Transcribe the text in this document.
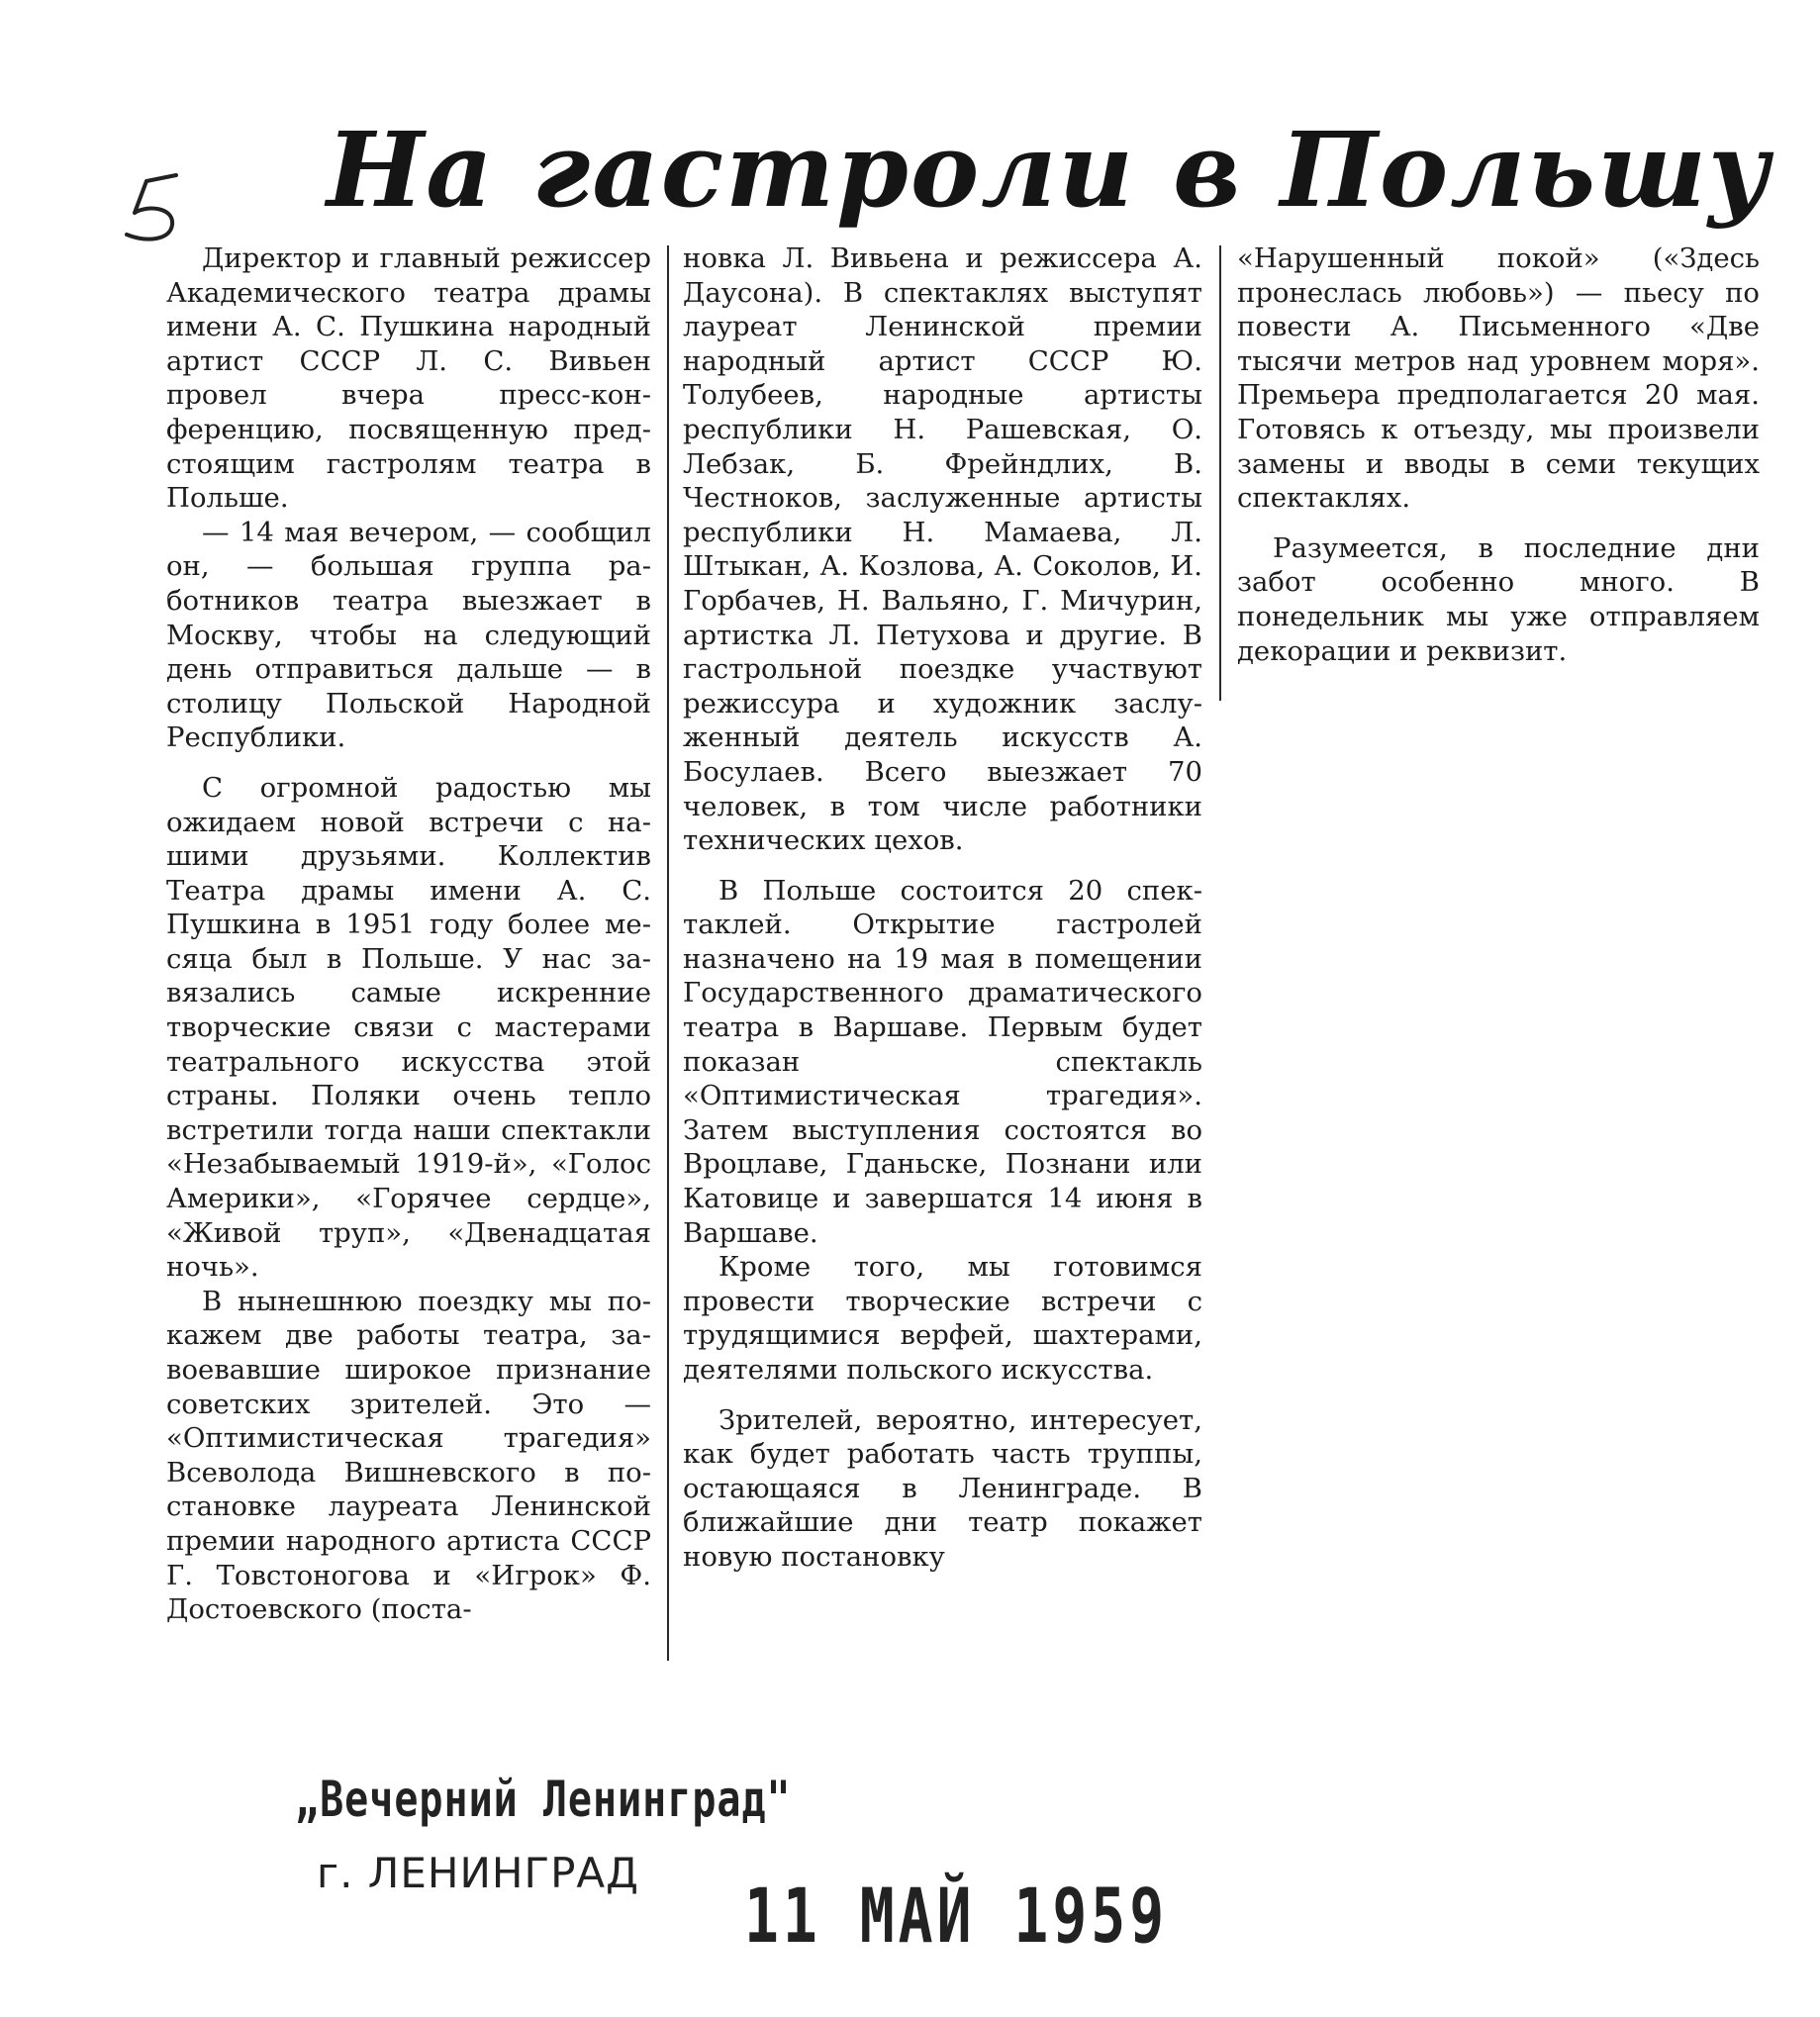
На гастроли в Польшу

Директор и главный режиссер Академического театра драмы имени А. С. Пушкина народный артист СССР Л. С. Вивьен провел вчера пресс-конференцию, посвященную предстоящим гастролям театра в Польше.

— 14 мая вечером, — сообщил он, — большая группа работников театра выезжает в Москву, чтобы на следующий день отправиться дальше — в столицу Польской Народной Республики.

С огромной радостью мы ожидаем новой встречи с нашими друзьями. Коллектив Театра драмы имени А. С. Пушкина в 1951 году более месяца был в Польше. У нас завязались самые искренние творческие связи с мастерами театрального искусства этой страны. Поляки очень тепло встретили тогда наши спектакли «Незабываемый 1919-й», «Голос Америки», «Горячее сердце», «Живой труп», «Двенадцатая ночь».

В нынешнюю поездку мы покажем две работы театра, завоевавшие широкое признание советских зрителей. Это — «Оптимистическая трагедия» Всеволода Вишневского в постановке лауреата Ленинской премии народного артиста СССР Г. Товстоногова и «Игрок» Ф. Достоевского (поста-

новка Л. Вивьена и режиссера А. Даусона). В спектаклях выступят лауреат Ленинской премии народный артист СССР Ю. Толубеев, народные артисты республики Н. Рашевская, О. Лебзак, Б. Фрейндлих, В. Честноков, заслуженные артисты республики Н. Мамаева, Л. Штыкан, А. Козлова, А. Соколов, И. Горбачев, Н. Вальяно, Г. Мичурин, артистка Л. Петухова и другие. В гастрольной поездке участвуют режиссура и художник заслуженный деятель искусств А. Босулаев. Всего выезжает 70 человек, в том числе работники технических цехов.

В Польше состоится 20 спектаклей. Открытие гастролей назначено на 19 мая в помещении Государственного драматического театра в Варшаве. Первым будет показан спектакль «Оптимистическая трагедия». Затем выступления состоятся во Вроцлаве, Гданьске, Познани или Катовице и завершатся 14 июня в Варшаве.

Кроме того, мы готовимся провести творческие встречи с трудящимися верфей, шахтерами, деятелями польского искусства.

Зрителей, вероятно, интересует, как будет работать часть труппы, остающаяся в Ленинграде. В ближайшие дни театр покажет новую постановку

«Нарушенный покой» («Здесь пронеслась любовь») — пьесу по повести А. Письменного «Две тысячи метров над уровнем моря». Премьера предполагается 20 мая. Готовясь к отъезду, мы произвели замены и вводы в семи текущих спектаклях.

Разумеется, в последние дни забот особенно много. В понедельник мы уже отправляем декорации и реквизит.

„Вечерний Ленинград"
г. ЛЕНИНГРАД 11 МАЙ 1959
